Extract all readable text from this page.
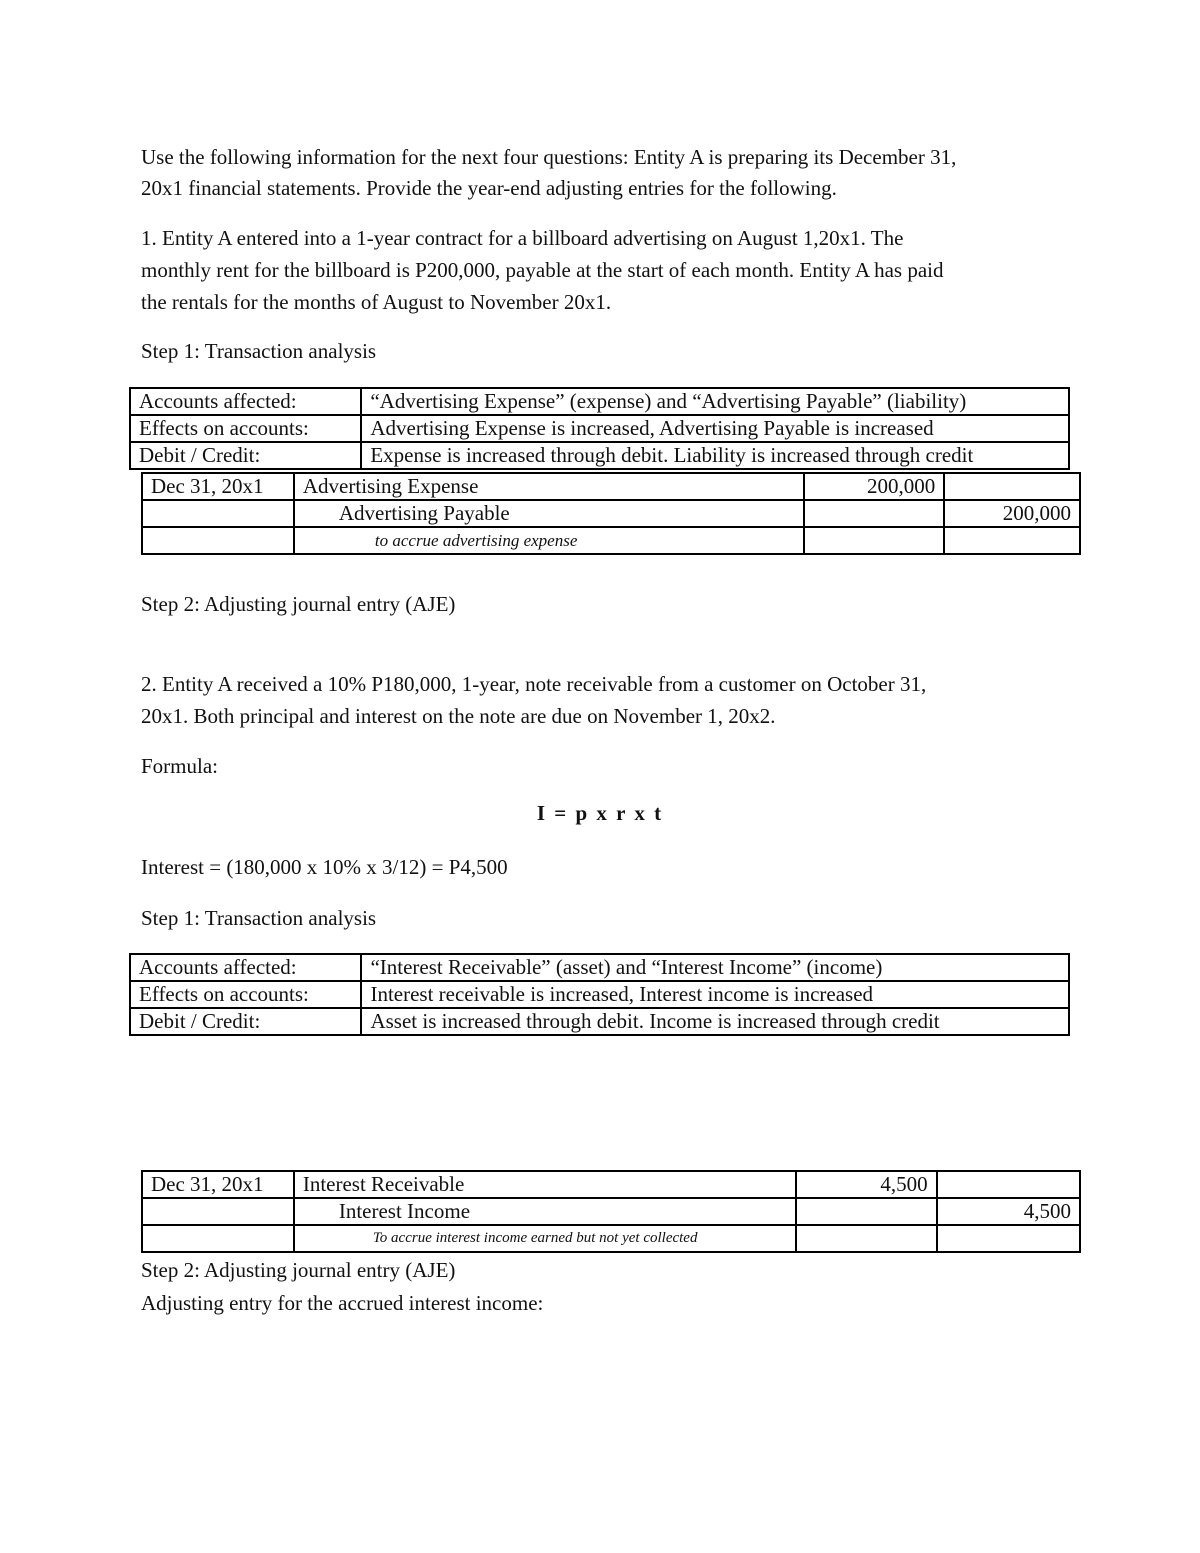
Use the following information for the next four questions: Entity A is preparing its December 31,
20x1 financial statements. Provide the year-end adjusting entries for the following.
1. Entity A entered into a 1-year contract for a billboard advertising on August 1,20x1. The
monthly rent for the billboard is P200,000, payable at the start of each month. Entity A has paid
the rentals for the months of August to November 20x1.
Step 1: Transaction analysis
Accounts affected:	“Advertising Expense” (expense) and “Advertising Payable” (liability)
Effects on accounts:	Advertising Expense is increased, Advertising Payable is increased
Debit / Credit:	Expense is increased through debit. Liability is increased through credit
Dec 31, 20x1	Advertising Expense	200,000	
	Advertising Payable		200,000
	to accrue advertising expense		
Step 2: Adjusting journal entry (AJE)
2. Entity A received a 10% P180,000, 1-year, note receivable from a customer on October 31,
20x1. Both principal and interest on the note are due on November 1, 20x2.
Formula:
I = p x r x t
Interest = (180,000 x 10% x 3/12) = P4,500
Step 1: Transaction analysis
Accounts affected:	“Interest Receivable” (asset) and “Interest Income” (income)
Effects on accounts:	Interest receivable is increased, Interest income is increased
Debit / Credit:	Asset is increased through debit. Income is increased through credit
Dec 31, 20x1	Interest Receivable	4,500	
	Interest Income		4,500
	To accrue interest income earned but not yet collected		
Step 2: Adjusting journal entry (AJE)
Adjusting entry for the accrued interest income:
